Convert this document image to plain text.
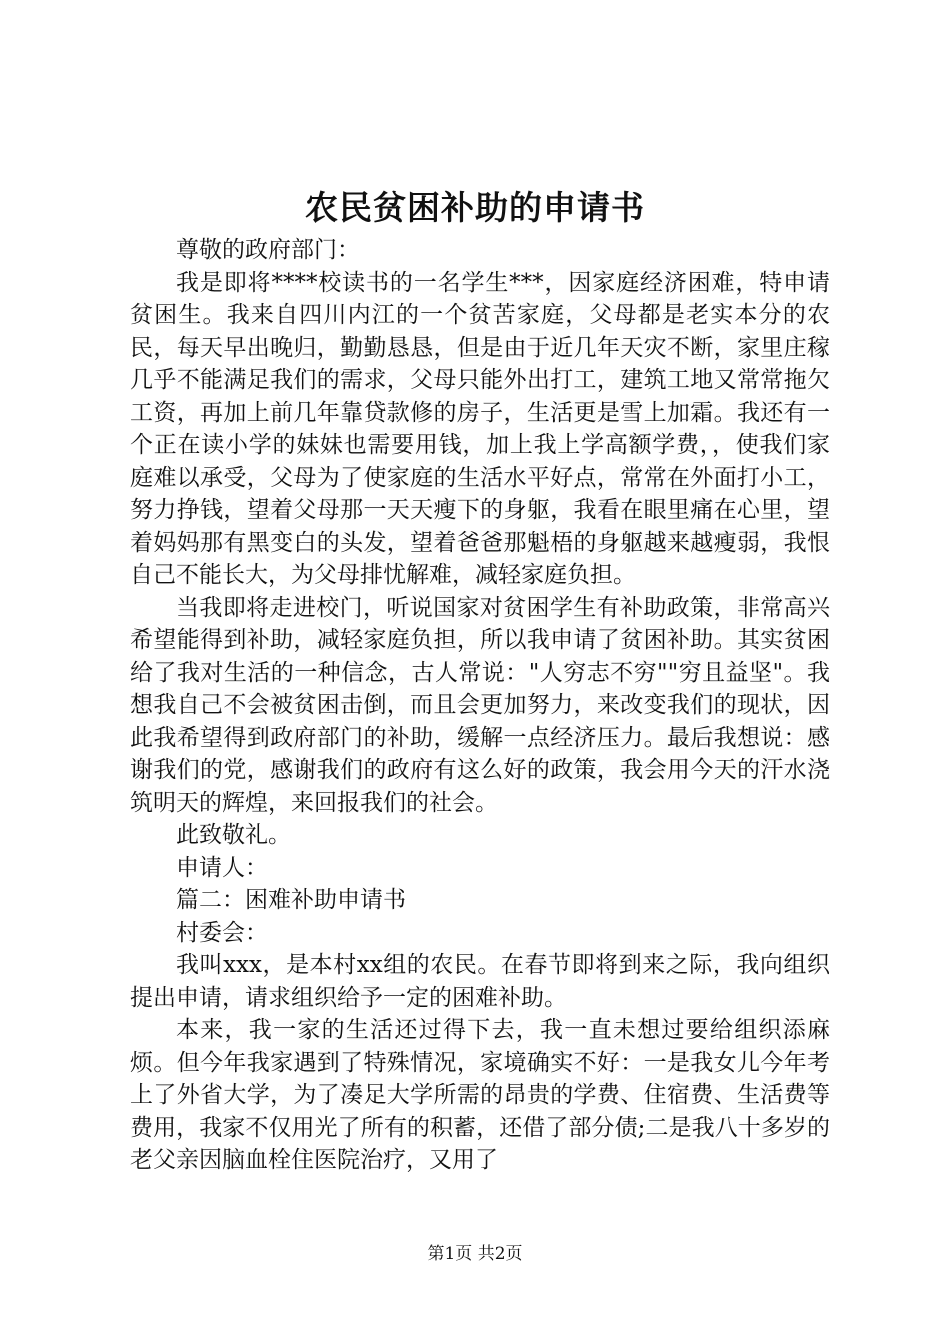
农民贫困补助的申请书

尊敬的政府部门：

我是即将****校读书的一名学生***，因家庭经济困难，特申请贫困生。我来自四川内江的一个贫苦家庭，父母都是老实本分的农民，每天早出晚归，勤勤恳恳，但是由于近几年天灾不断，家里庄稼几乎不能满足我们的需求，父母只能外出打工，建筑工地又常常拖欠工资，再加上前几年靠贷款修的房子，生活更是雪上加霜。我还有一个正在读小学的妹妹也需要用钱，加上我上学高额学费，，使我们家庭难以承受，父母为了使家庭的生活水平好点，常常在外面打小工，努力挣钱，望着父母那一天天瘦下的身躯，我看在眼里痛在心里，望着妈妈那有黑变白的头发，望着爸爸那魁梧的身躯越来越瘦弱，我恨自己不能长大，为父母排忧解难，减轻家庭负担。

当我即将走进校门，听说国家对贫困学生有补助政策，非常高兴希望能得到补助，减轻家庭负担，所以我申请了贫困补助。其实贫困给了我对生活的一种信念，古人常说："人穷志不穷""穷且益坚"。我想我自己不会被贫困击倒，而且会更加努力，来改变我们的现状，因此我希望得到政府部门的补助，缓解一点经济压力。最后我想说：感谢我们的党，感谢我们的政府有这么好的政策，我会用今天的汗水浇筑明天的辉煌，来回报我们的社会。

此致敬礼。

申请人：

篇二：困难补助申请书

村委会：

我叫xxx，是本村xx组的农民。在春节即将到来之际，我向组织提出申请，请求组织给予一定的困难补助。

本来，我一家的生活还过得下去，我一直未想过要给组织添麻烦。但今年我家遇到了特殊情况，家境确实不好：一是我女儿今年考上了外省大学，为了凑足大学所需的昂贵的学费、住宿费、生活费等费用，我家不仅用光了所有的积蓄，还借了部分债;二是我八十多岁的老父亲因脑血栓住医院治疗，又用了

第1页 共2页
